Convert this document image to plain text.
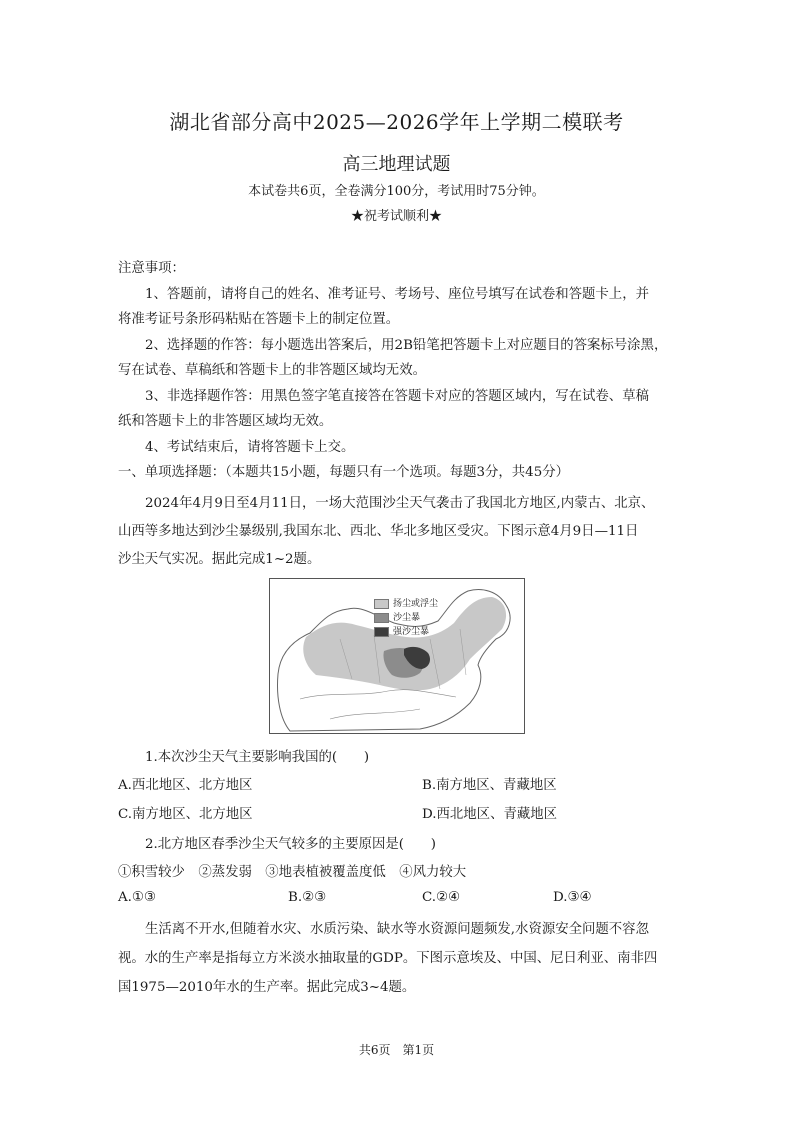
湖北省部分高中2025—2026学年上学期二模联考
高三地理试题
本试卷共6页，全卷满分100分，考试用时75分钟。
★祝考试顺利★
注意事项：
1、答题前，请将自己的姓名、准考证号、考场号、座位号填写在试卷和答题卡上，并
将准考证号条形码粘贴在答题卡上的制定位置。
2、选择题的作答：每小题选出答案后，用2B铅笔把答题卡上对应题目的答案标号涂黑，
写在试卷、草稿纸和答题卡上的非答题区域均无效。
3、非选择题作答：用黑色签字笔直接答在答题卡对应的答题区域内，写在试卷、草稿
纸和答题卡上的非答题区域均无效。
4、考试结束后，请将答题卡上交。
一、单项选择题：（本题共15小题，每题只有一个选项。每题3分，共45分）
2024年4月9日至4月11日，一场大范围沙尘天气袭击了我国北方地区,内蒙古、北京、
山西等多地达到沙尘暴级别,我国东北、西北、华北多地区受灾。下图示意4月9日—11日
沙尘天气实况。据此完成1~2题。
扬尘或浮尘
沙尘暴
强沙尘暴
1.本次沙尘天气主要影响我国的(　　)
A.西北地区、北方地区	B.南方地区、青藏地区
C.南方地区、北方地区	D.西北地区、青藏地区
2.北方地区春季沙尘天气较多的主要原因是(　　)
①积雪较少　②蒸发弱　③地表植被覆盖度低　④风力较大
A.①③	B.②③	C.②④	D.③④
生活离不开水,但随着水灾、水质污染、缺水等水资源问题频发,水资源安全问题不容忽
视。水的生产率是指每立方米淡水抽取量的GDP。下图示意埃及、中国、尼日利亚、南非四
国1975—2010年水的生产率。据此完成3~4题。
共6页　第1页
